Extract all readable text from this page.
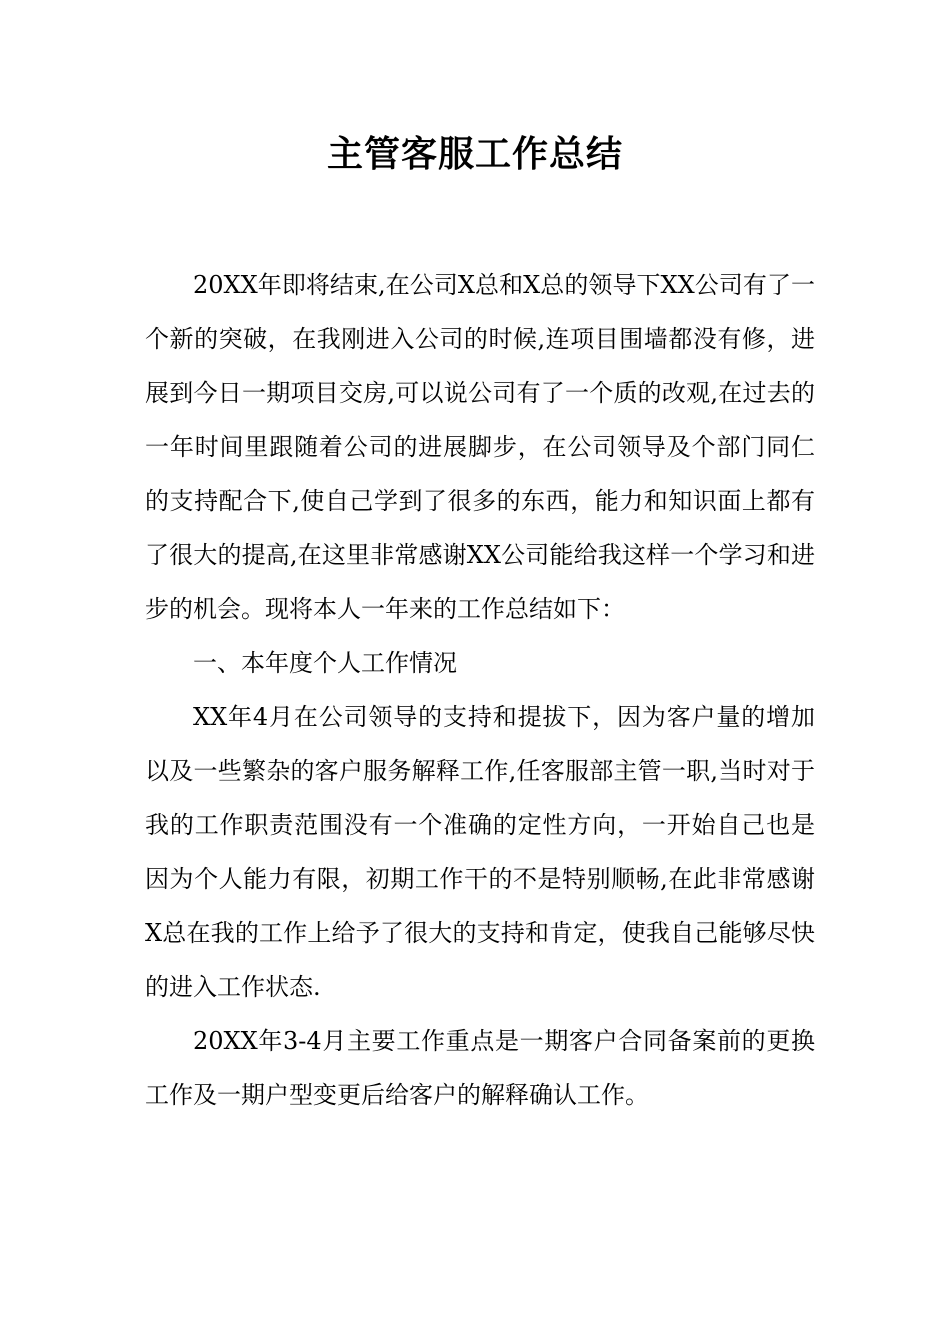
主管客服工作总结

20XX年即将结束,在公司X总和X总的领导下XX公司有了一个新的突破，在我刚进入公司的时候,连项目围墙都没有修，进展到今日一期项目交房,可以说公司有了一个质的改观,在过去的一年时间里跟随着公司的进展脚步，在公司领导及个部门同仁的支持配合下,使自己学到了很多的东西，能力和知识面上都有了很大的提高,在这里非常感谢XX公司能给我这样一个学习和进步的机会。现将本人一年来的工作总结如下：

一、本年度个人工作情况

XX年4月在公司领导的支持和提拔下，因为客户量的增加以及一些繁杂的客户服务解释工作,任客服部主管一职,当时对于我的工作职责范围没有一个准确的定性方向，一开始自己也是因为个人能力有限，初期工作干的不是特别顺畅,在此非常感谢X总在我的工作上给予了很大的支持和肯定，使我自己能够尽快的进入工作状态.

20XX年3-4月主要工作重点是一期客户合同备案前的更换工作及一期户型变更后给客户的解释确认工作。
